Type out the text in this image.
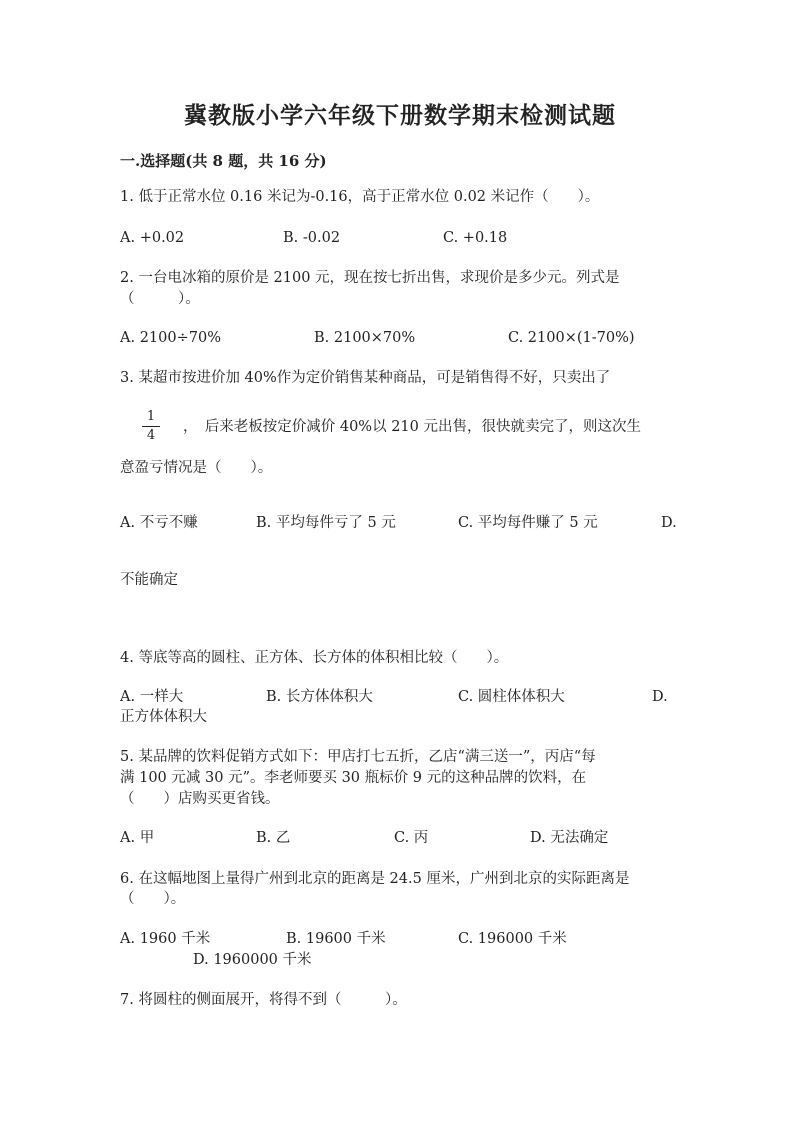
冀教版小学六年级下册数学期末检测试题
一.选择题(共 8 题，共 16 分)
1. 低于正常水位 0.16 米记为-0.16，高于正常水位 0.02 米记作（　　）。
A. +0.02	B. -0.02	C. +0.18
2. 一台电冰箱的原价是 2100 元，现在按七折出售，求现价是多少元。列式是
（　　　）。
A. 2100÷70%	B. 2100×70%	C. 2100×(1-70%)
3. 某超市按进价加 40%作为定价销售某种商品，可是销售得不好，只卖出了
$\frac{1}{4}$ ，　后来老板按定价减价 40%以 210 元出售，很快就卖完了，则这次生
意盈亏情况是（　　）。
A. 不亏不赚	B. 平均每件亏了 5 元	C. 平均每件赚了 5 元	D.
不能确定
4. 等底等高的圆柱、正方体、长方体的体积相比较（　　）。
A. 一样大	B. 长方体体积大	C. 圆柱体体积大	D.
正方体体积大
5. 某品牌的饮料促销方式如下：甲店打七五折，乙店“满三送一”，丙店“每
满 100 元减 30 元”。李老师要买 30 瓶标价 9 元的这种品牌的饮料，在
（　　）店购买更省钱。
A. 甲	B. 乙	C. 丙	D. 无法确定
6. 在这幅地图上量得广州到北京的距离是 24.5 厘米，广州到北京的实际距离是
（　　）。
A. 1960 千米	B. 19600 千米	C. 196000 千米
D. 1960000 千米
7. 将圆柱的侧面展开，将得不到（　　　）。
